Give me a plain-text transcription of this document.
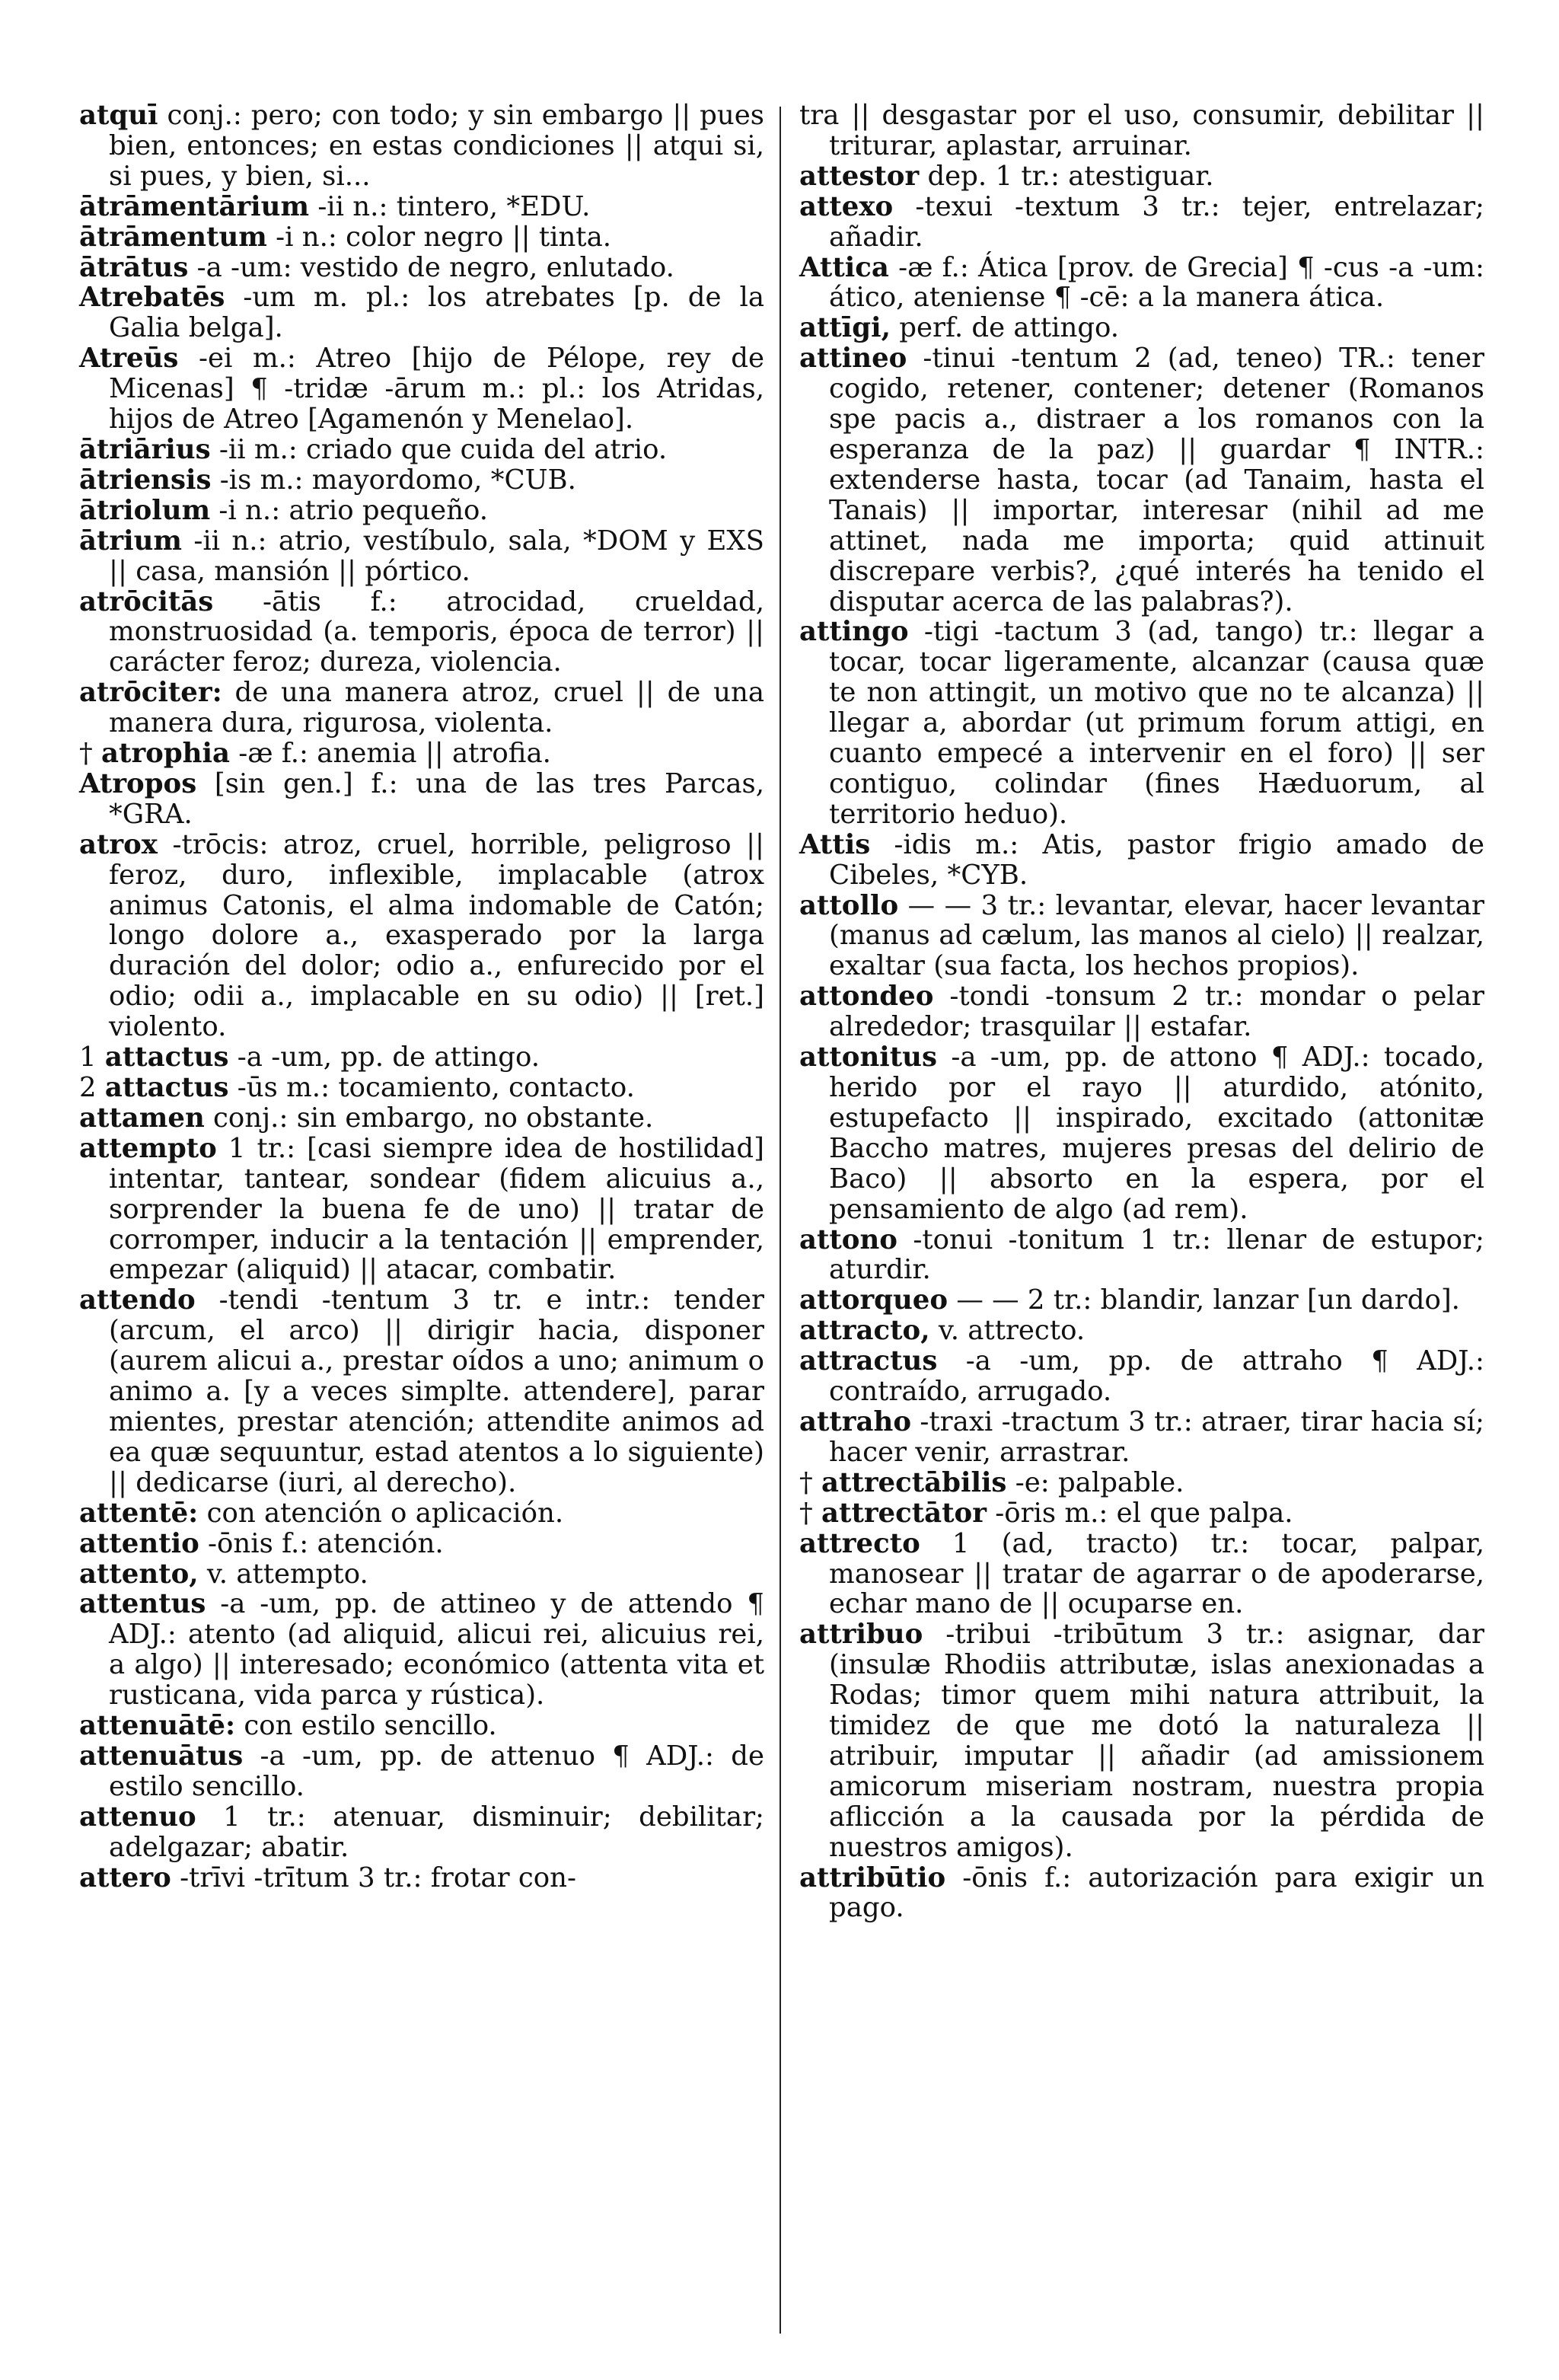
atquī conj.: pero; con todo; y sin embargo || pues bien, entonces; en estas condiciones || atqui si, si pues, y bien, si...

ātrāmentārium -ii n.: tintero, *EDU.

ātrāmentum -i n.: color negro || tinta.

ātrātus -a -um: vestido de negro, enlutado.

Atrebatēs -um m. pl.: los atrebates [p. de la Galia belga].

Atreūs -ei m.: Atreo [hijo de Pélope, rey de Micenas] ¶ -tridæ -ārum m.: pl.: los Atridas, hijos de Atreo [Agamenón y Menelao].

ātriārius -ii m.: criado que cuida del atrio.

ātriensis -is m.: mayordomo, *CUB.

ātriolum -i n.: atrio pequeño.

ātrium -ii n.: atrio, vestíbulo, sala, *DOM y EXS || casa, mansión || pórtico.

atrōcitās -ātis f.: atrocidad, crueldad, monstruosidad (a. temporis, época de terror) || carácter feroz; dureza, violencia.

atrōciter: de una manera atroz, cruel || de una manera dura, rigurosa, violenta.

† atrophia -æ f.: anemia || atrofia.

Atropos [sin gen.] f.: una de las tres Parcas, *GRA.

atrox -trōcis: atroz, cruel, horrible, peligroso || feroz, duro, inflexible, implacable (atrox animus Catonis, el alma indomable de Catón; longo dolore a., exasperado por la larga duración del dolor; odio a., enfurecido por el odio; odii a., implacable en su odio) || [ret.] violento.

1 attactus -a -um, pp. de attingo.

2 attactus -ūs m.: tocamiento, contacto.

attamen conj.: sin embargo, no obstante.

attempto 1 tr.: [casi siempre idea de hostilidad] intentar, tantear, sondear (fidem alicuius a., sorprender la buena fe de uno) || tratar de corromper, inducir a la tentación || emprender, empezar (aliquid) || atacar, combatir.

attendo -tendi -tentum 3 tr. e intr.: tender (arcum, el arco) || dirigir hacia, disponer (aurem alicui a., prestar oídos a uno; animum o animo a. [y a veces simplte. attendere], parar mientes, prestar atención; attendite animos ad ea quæ sequuntur, estad atentos a lo siguiente) || dedicarse (iuri, al derecho).

attentē: con atención o aplicación.

attentio -ōnis f.: atención.

attento, v. attempto.

attentus -a -um, pp. de attineo y de attendo ¶ ADJ.: atento (ad aliquid, alicui rei, alicuius rei, a algo) || interesado; económico (attenta vita et rusticana, vida parca y rústica).

attenuātē: con estilo sencillo.

attenuātus -a -um, pp. de attenuo ¶ ADJ.: de estilo sencillo.

attenuo 1 tr.: atenuar, disminuir; debilitar; adelgazar; abatir.

attero -trīvi -trītum 3 tr.: frotar con-

tra || desgastar por el uso, consumir, debilitar || triturar, aplastar, arruinar.

attestor dep. 1 tr.: atestiguar.

attexo -texui -textum 3 tr.: tejer, entrelazar; añadir.

Attica -æ f.: Ática [prov. de Grecia] ¶ -cus -a -um: ático, ateniense ¶ -cē: a la manera ática.

attīgi, perf. de attingo.

attineo -tinui -tentum 2 (ad, teneo) TR.: tener cogido, retener, contener; detener (Romanos spe pacis a., distraer a los romanos con la esperanza de la paz) || guardar ¶ INTR.: extenderse hasta, tocar (ad Tanaim, hasta el Tanais) || importar, interesar (nihil ad me attinet, nada me importa; quid attinuit discrepare verbis?, ¿qué interés ha tenido el disputar acerca de las palabras?).

attingo -tigi -tactum 3 (ad, tango) tr.: llegar a tocar, tocar ligeramente, alcanzar (causa quæ te non attingit, un motivo que no te alcanza) || llegar a, abordar (ut primum forum attigi, en cuanto empecé a intervenir en el foro) || ser contiguo, colindar (fines Hæduorum, al territorio heduo).

Attis -idis m.: Atis, pastor frigio amado de Cibeles, *CYB.

attollo — — 3 tr.: levantar, elevar, hacer levantar (manus ad cælum, las manos al cielo) || realzar, exaltar (sua facta, los hechos propios).

attondeo -tondi -tonsum 2 tr.: mondar o pelar alrededor; trasquilar || estafar.

attonitus -a -um, pp. de attono ¶ ADJ.: tocado, herido por el rayo || aturdido, atónito, estupefacto || inspirado, excitado (attonitæ Baccho matres, mujeres presas del delirio de Baco) || absorto en la espera, por el pensamiento de algo (ad rem).

attono -tonui -tonitum 1 tr.: llenar de estupor; aturdir.

attorqueo — — 2 tr.: blandir, lanzar [un dardo].

attracto, v. attrecto.

attractus -a -um, pp. de attraho ¶ ADJ.: contraído, arrugado.

attraho -traxi -tractum 3 tr.: atraer, tirar hacia sí; hacer venir, arrastrar.

† attrectābilis -e: palpable.

† attrectātor -ōris m.: el que palpa.

attrecto 1 (ad, tracto) tr.: tocar, palpar, manosear || tratar de agarrar o de apoderarse, echar mano de || ocuparse en.

attribuo -tribui -tribūtum 3 tr.: asignar, dar (insulæ Rhodiis attributæ, islas anexionadas a Rodas; timor quem mihi natura attribuit, la timidez de que me dotó la naturaleza || atribuir, imputar || añadir (ad amissionem amicorum miseriam nostram, nuestra propia aflicción a la causada por la pérdida de nuestros amigos).

attribūtio -ōnis f.: autorización para exigir un pago.
